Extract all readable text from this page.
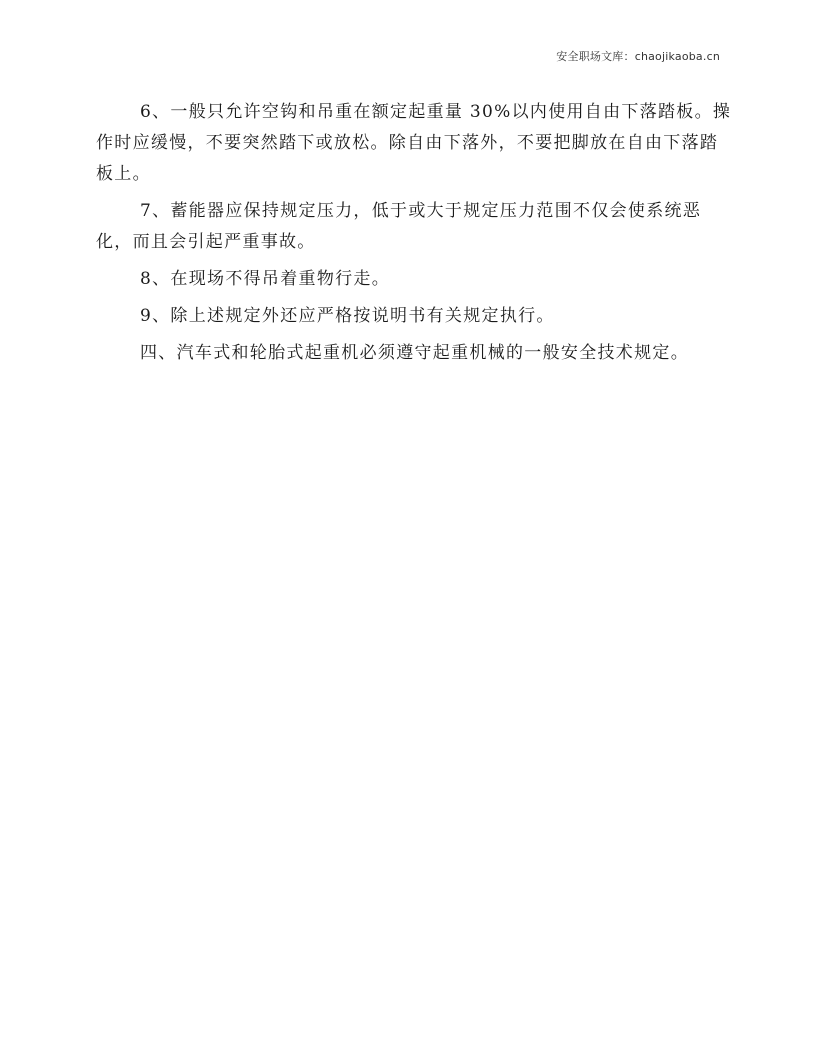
安全职场文库：chaojikaoba.cn

6、一般只允许空钩和吊重在额定起重量 30%以内使用自由下落踏板。操作时应缓慢，不要突然踏下或放松。除自由下落外，不要把脚放在自由下落踏板上。

7、蓄能器应保持规定压力，低于或大于规定压力范围不仅会使系统恶化，而且会引起严重事故。

8、在现场不得吊着重物行走。

9、除上述规定外还应严格按说明书有关规定执行。

四、汽车式和轮胎式起重机必须遵守起重机械的一般安全技术规定。
